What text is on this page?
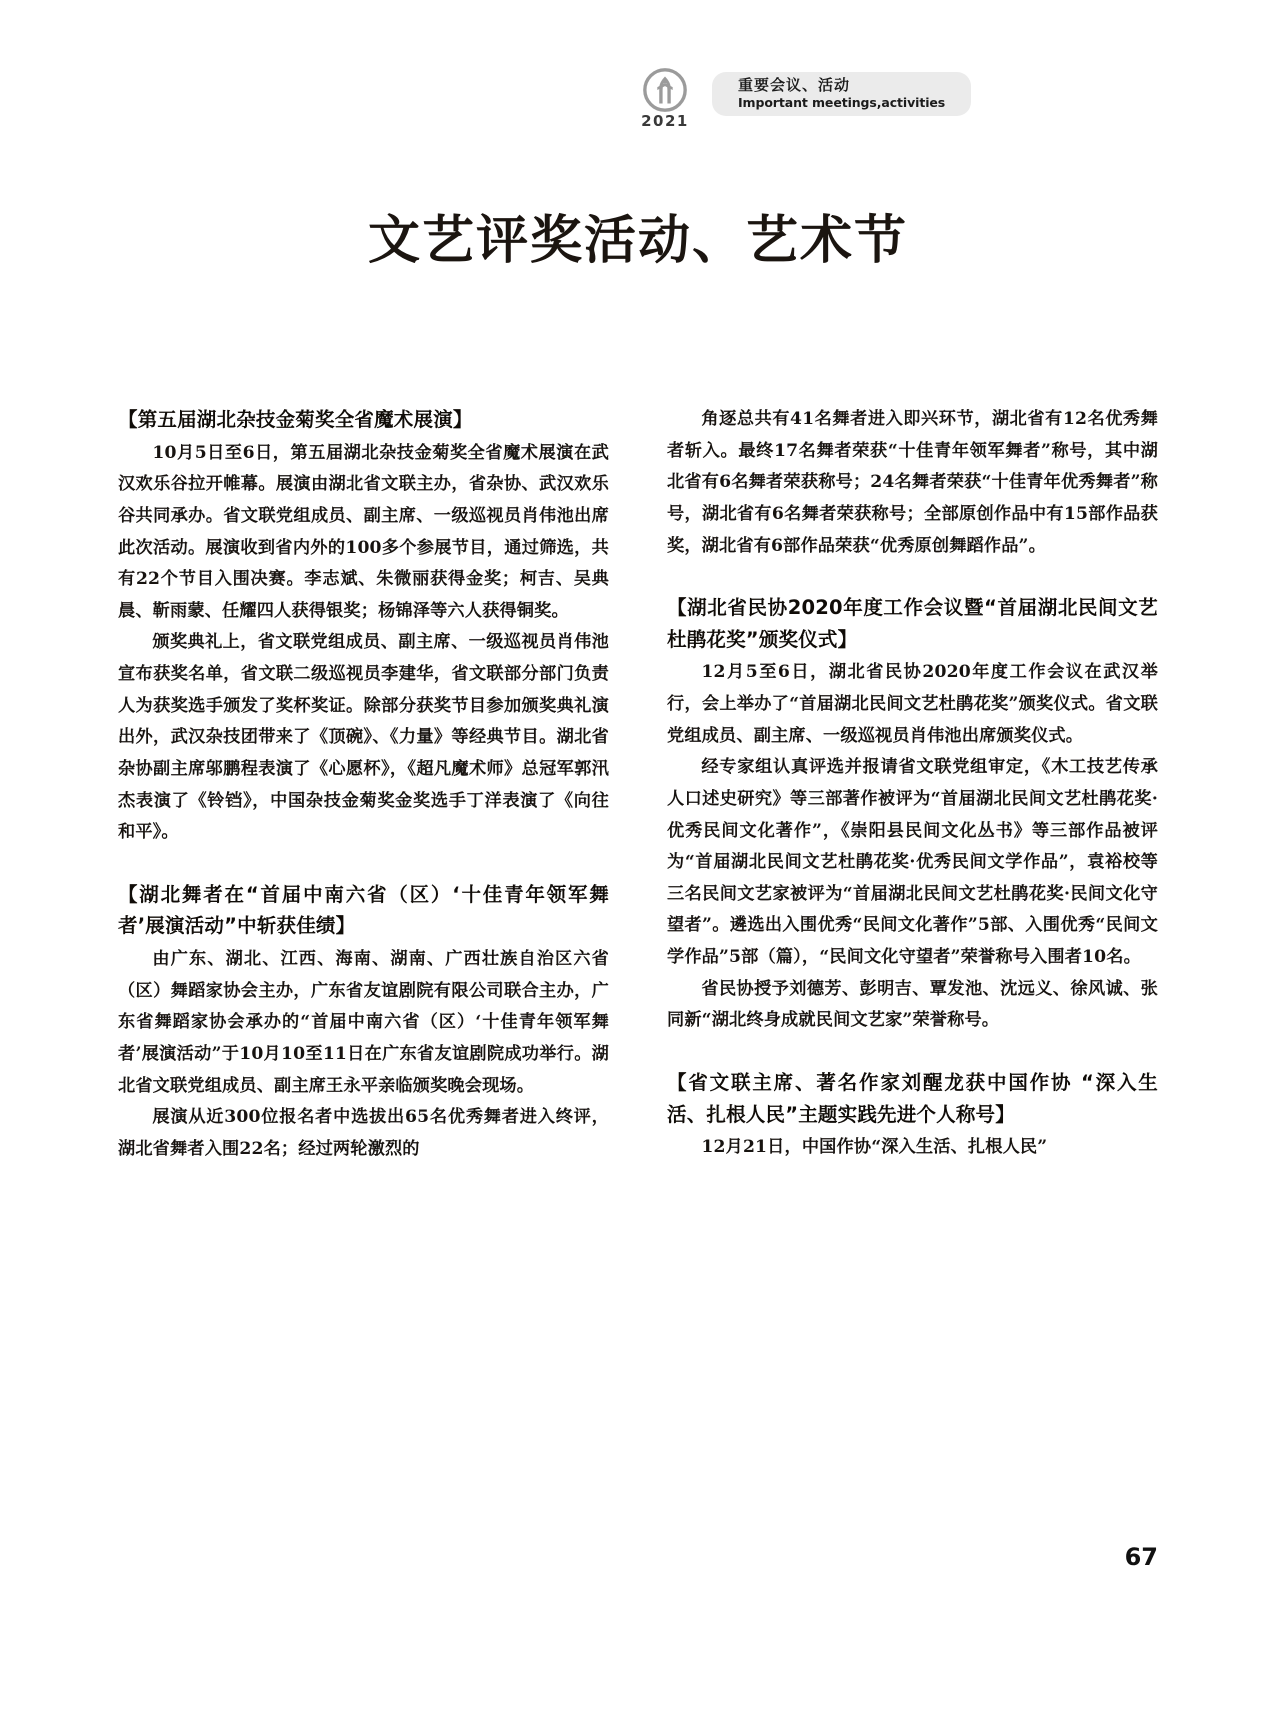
2021
重要会议、活动
Important meetings,activities
文艺评奖活动、艺术节
【第五届湖北杂技金菊奖全省魔术展演】

10月5日至6日，第五届湖北杂技金菊奖全省魔术展演在武汉欢乐谷拉开帷幕。展演由湖北省文联主办，省杂协、武汉欢乐谷共同承办。省文联党组成员、副主席、一级巡视员肖伟池出席此次活动。展演收到省内外的100多个参展节目，通过筛选，共有22个节目入围决赛。李志斌、朱微丽获得金奖；柯吉、吴典晨、靳雨蒙、任耀四人获得银奖；杨锦泽等六人获得铜奖。

颁奖典礼上，省文联党组成员、副主席、一级巡视员肖伟池宣布获奖名单，省文联二级巡视员李建华，省文联部分部门负责人为获奖选手颁发了奖杯奖证。除部分获奖节目参加颁奖典礼演出外，武汉杂技团带来了《顶碗》、《力量》等经典节目。湖北省杂协副主席邬鹏程表演了《心愿杯》，《超凡魔术师》总冠军郭汛杰表演了《铃铛》，中国杂技金菊奖金奖选手丁洋表演了《向往和平》。

【湖北舞者在“首届中南六省（区）‘十佳青年领军舞者’展演活动”中斩获佳绩】

由广东、湖北、江西、海南、湖南、广西壮族自治区六省（区）舞蹈家协会主办，广东省友谊剧院有限公司联合主办，广东省舞蹈家协会承办的“首届中南六省（区）‘十佳青年领军舞者’展演活动”于10月10至11日在广东省友谊剧院成功举行。湖北省文联党组成员、副主席王永平亲临颁奖晚会现场。

展演从近300位报名者中选拔出65名优秀舞者进入终评，湖北省舞者入围22名；经过两轮激烈的

角逐总共有41名舞者进入即兴环节，湖北省有12名优秀舞者斩入。最终17名舞者荣获“十佳青年领军舞者”称号，其中湖北省有6名舞者荣获称号；24名舞者荣获“十佳青年优秀舞者”称号，湖北省有6名舞者荣获称号；全部原创作品中有15部作品获奖，湖北省有6部作品荣获“优秀原创舞蹈作品”。

【湖北省民协2020年度工作会议暨“首届湖北民间文艺杜鹃花奖”颁奖仪式】

12月5至6日，湖北省民协2020年度工作会议在武汉举行，会上举办了“首届湖北民间文艺杜鹃花奖”颁奖仪式。省文联党组成员、副主席、一级巡视员肖伟池出席颁奖仪式。

经专家组认真评选并报请省文联党组审定，《木工技艺传承人口述史研究》等三部著作被评为“首届湖北民间文艺杜鹃花奖·优秀民间文化著作”，《崇阳县民间文化丛书》等三部作品被评为“首届湖北民间文艺杜鹃花奖·优秀民间文学作品”，袁裕校等三名民间文艺家被评为“首届湖北民间文艺杜鹃花奖·民间文化守望者”。遴选出入围优秀“民间文化著作”5部、入围优秀“民间文学作品”5部（篇），“民间文化守望者”荣誉称号入围者10名。

省民协授予刘德芳、彭明吉、覃发池、沈远义、徐风诚、张同新“湖北终身成就民间文艺家”荣誉称号。

【省文联主席、著名作家刘醒龙获中国作协 “深入生活、扎根人民”主题实践先进个人称号】

12月21日，中国作协“深入生活、扎根人民”

67
